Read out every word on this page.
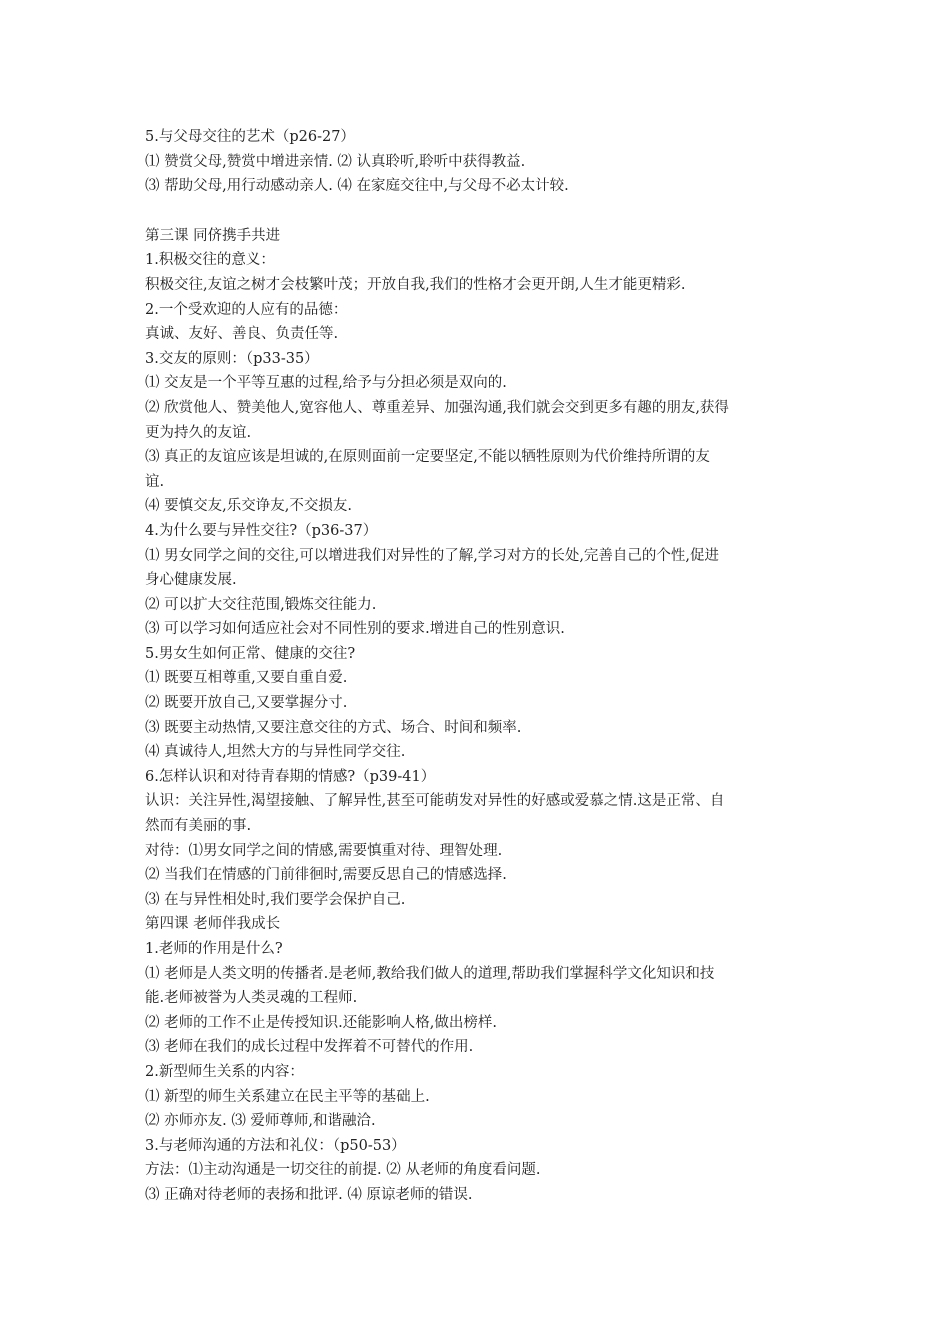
5.与父母交往的艺术（p26-27）
⑴ 赞赏父母,赞赏中增进亲情. ⑵ 认真聆听,聆听中获得教益.
⑶ 帮助父母,用行动感动亲人. ⑷ 在家庭交往中,与父母不必太计较.
第三课 同侪携手共进
1.积极交往的意义：
积极交往,友谊之树才会枝繁叶茂；开放自我,我们的性格才会更开朗,人生才能更精彩.
2.一个受欢迎的人应有的品德：
真诚、友好、善良、负责任等.
3.交友的原则：（p33-35）
⑴ 交友是一个平等互惠的过程,给予与分担必须是双向的.
⑵ 欣赏他人、赞美他人,宽容他人、尊重差异、加强沟通,我们就会交到更多有趣的朋友,获得
更为持久的友谊.
⑶ 真正的友谊应该是坦诚的,在原则面前一定要坚定,不能以牺牲原则为代价维持所谓的友
谊.
⑷ 要慎交友,乐交诤友,不交损友.
4.为什么要与异性交往?（p36-37）
⑴ 男女同学之间的交往,可以增进我们对异性的了解,学习对方的长处,完善自己的个性,促进
身心健康发展.
⑵ 可以扩大交往范围,锻炼交往能力.
⑶ 可以学习如何适应社会对不同性别的要求.增进自己的性别意识.
5.男女生如何正常、健康的交往?
⑴ 既要互相尊重,又要自重自爱.
⑵ 既要开放自己,又要掌握分寸.
⑶ 既要主动热情,又要注意交往的方式、场合、时间和频率.
⑷ 真诚待人,坦然大方的与异性同学交往.
6.怎样认识和对待青春期的情感?（p39-41）
认识：关注异性,渴望接触、了解异性,甚至可能萌发对异性的好感或爱慕之情.这是正常、自
然而有美丽的事.
对待：⑴男女同学之间的情感,需要慎重对待、理智处理.
⑵ 当我们在情感的门前徘徊时,需要反思自己的情感选择.
⑶ 在与异性相处时,我们要学会保护自己.
第四课 老师伴我成长
1.老师的作用是什么?
⑴ 老师是人类文明的传播者.是老师,教给我们做人的道理,帮助我们掌握科学文化知识和技
能.老师被誉为人类灵魂的工程师.
⑵ 老师的工作不止是传授知识.还能影响人格,做出榜样.
⑶ 老师在我们的成长过程中发挥着不可替代的作用.
2.新型师生关系的内容：
⑴ 新型的师生关系建立在民主平等的基础上.
⑵ 亦师亦友. ⑶ 爱师尊师,和谐融洽.
3.与老师沟通的方法和礼仪：（p50-53）
方法：⑴主动沟通是一切交往的前提. ⑵ 从老师的角度看问题.
⑶ 正确对待老师的表扬和批评. ⑷ 原谅老师的错误.
